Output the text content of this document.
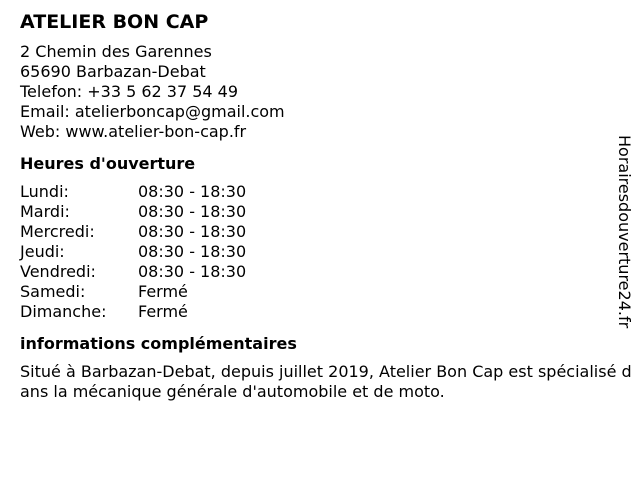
ATELIER BON CAP
2 Chemin des Garennes
65690 Barbazan-Debat
Telefon: +33 5 62 37 54 49
Email: atelierboncap@gmail.com
Web: www.atelier-bon-cap.fr
Heures d'ouverture
Lundi:	08:30 - 18:30
Mardi:	08:30 - 18:30
Mercredi:	08:30 - 18:30
Jeudi:	08:30 - 18:30
Vendredi:	08:30 - 18:30
Samedi:	Fermé
Dimanche: Fermé
informations complémentaires
Situé à Barbazan-Debat, depuis juillet 2019, Atelier Bon Cap est spécialisé dans la mécanique générale d'automobile et de moto.
Horairesdouverture24.fr
